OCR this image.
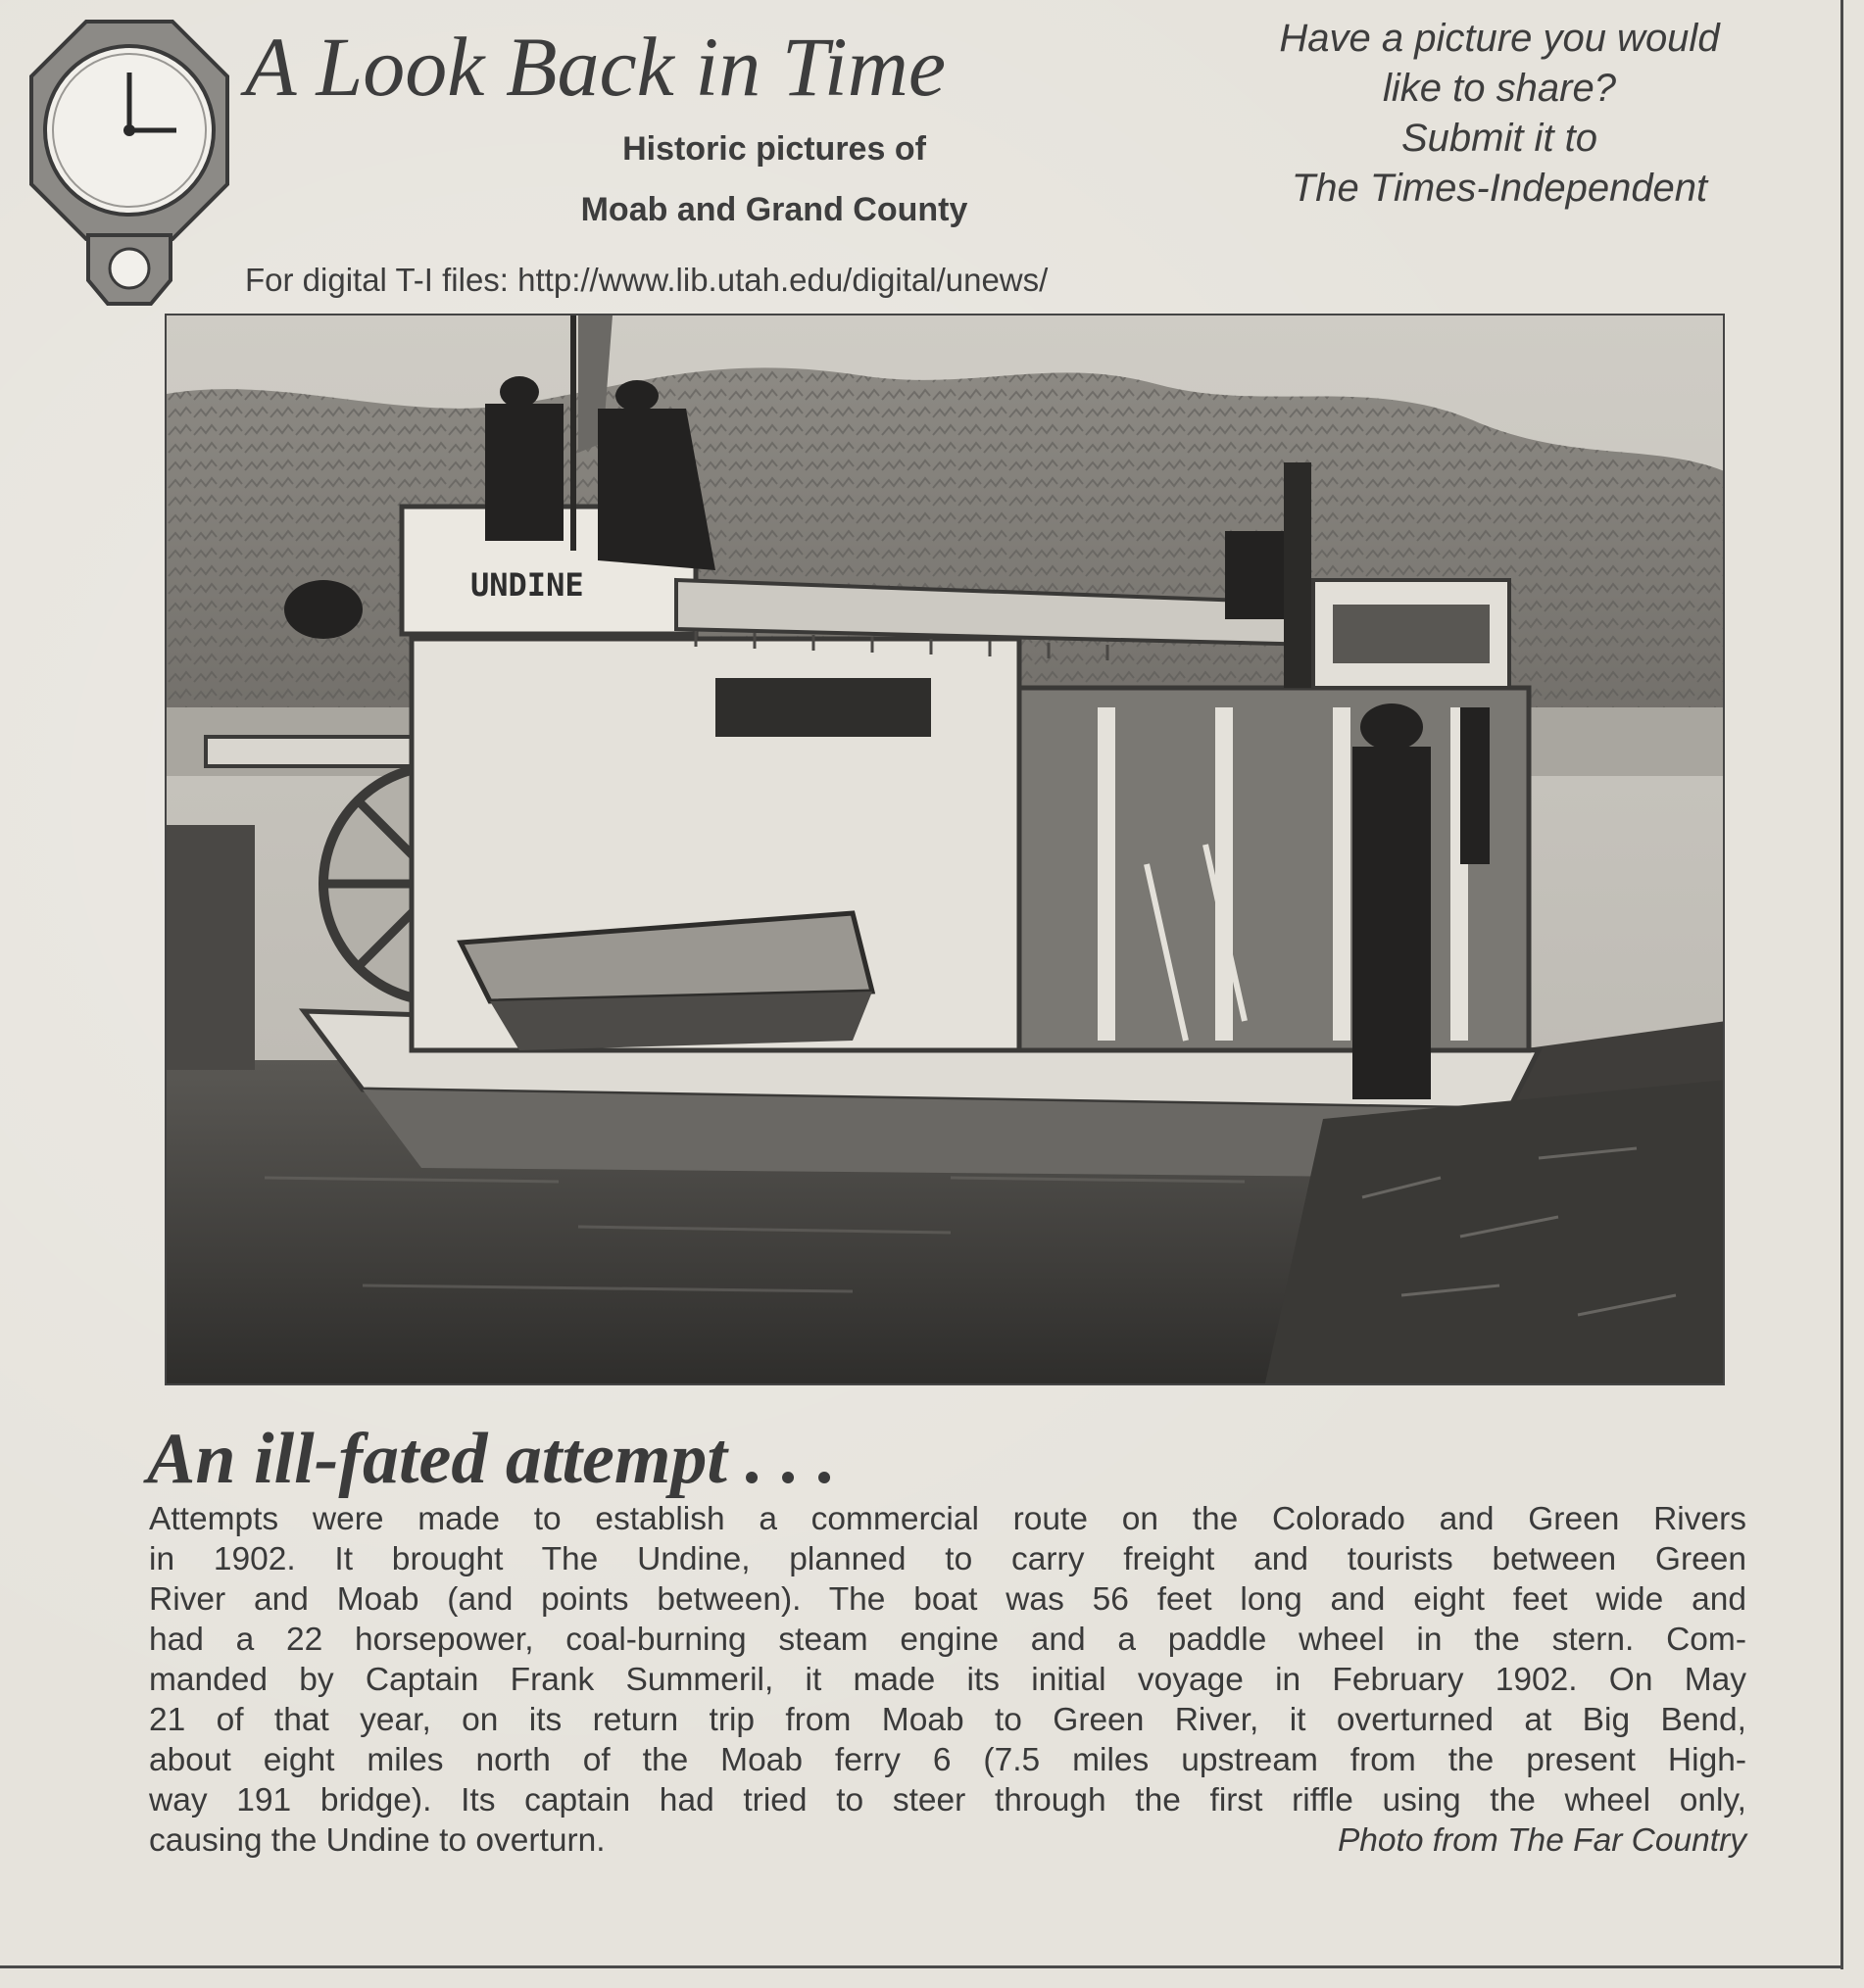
A Look Back in Time
Historic pictures of
Moab and Grand County
Have a picture you would
like to share?
Submit it to
The Times-Independent
For digital T-I files: http://www.lib.utah.edu/digital/unews/
UNDINE
An ill-fated attempt . . .
Attempts were made to establish a commercial route on the Colorado and Green Rivers
in 1902. It brought The Undine, planned to carry freight and tourists between Green
River and Moab (and points between). The boat was 56 feet long and eight feet wide and
had a 22 horsepower, coal-burning steam engine and a paddle wheel in the stern. Com-
manded by Captain Frank Summeril, it made its initial voyage in February 1902. On May
21 of that year, on its return trip from Moab to Green River, it overturned at Big Bend,
about eight miles north of the Moab ferry 6 (7.5 miles upstream from the present High-
way 191 bridge). Its captain had tried to steer through the first riffle using the wheel only,
causing the Undine to overturn.	Photo from The Far Country
